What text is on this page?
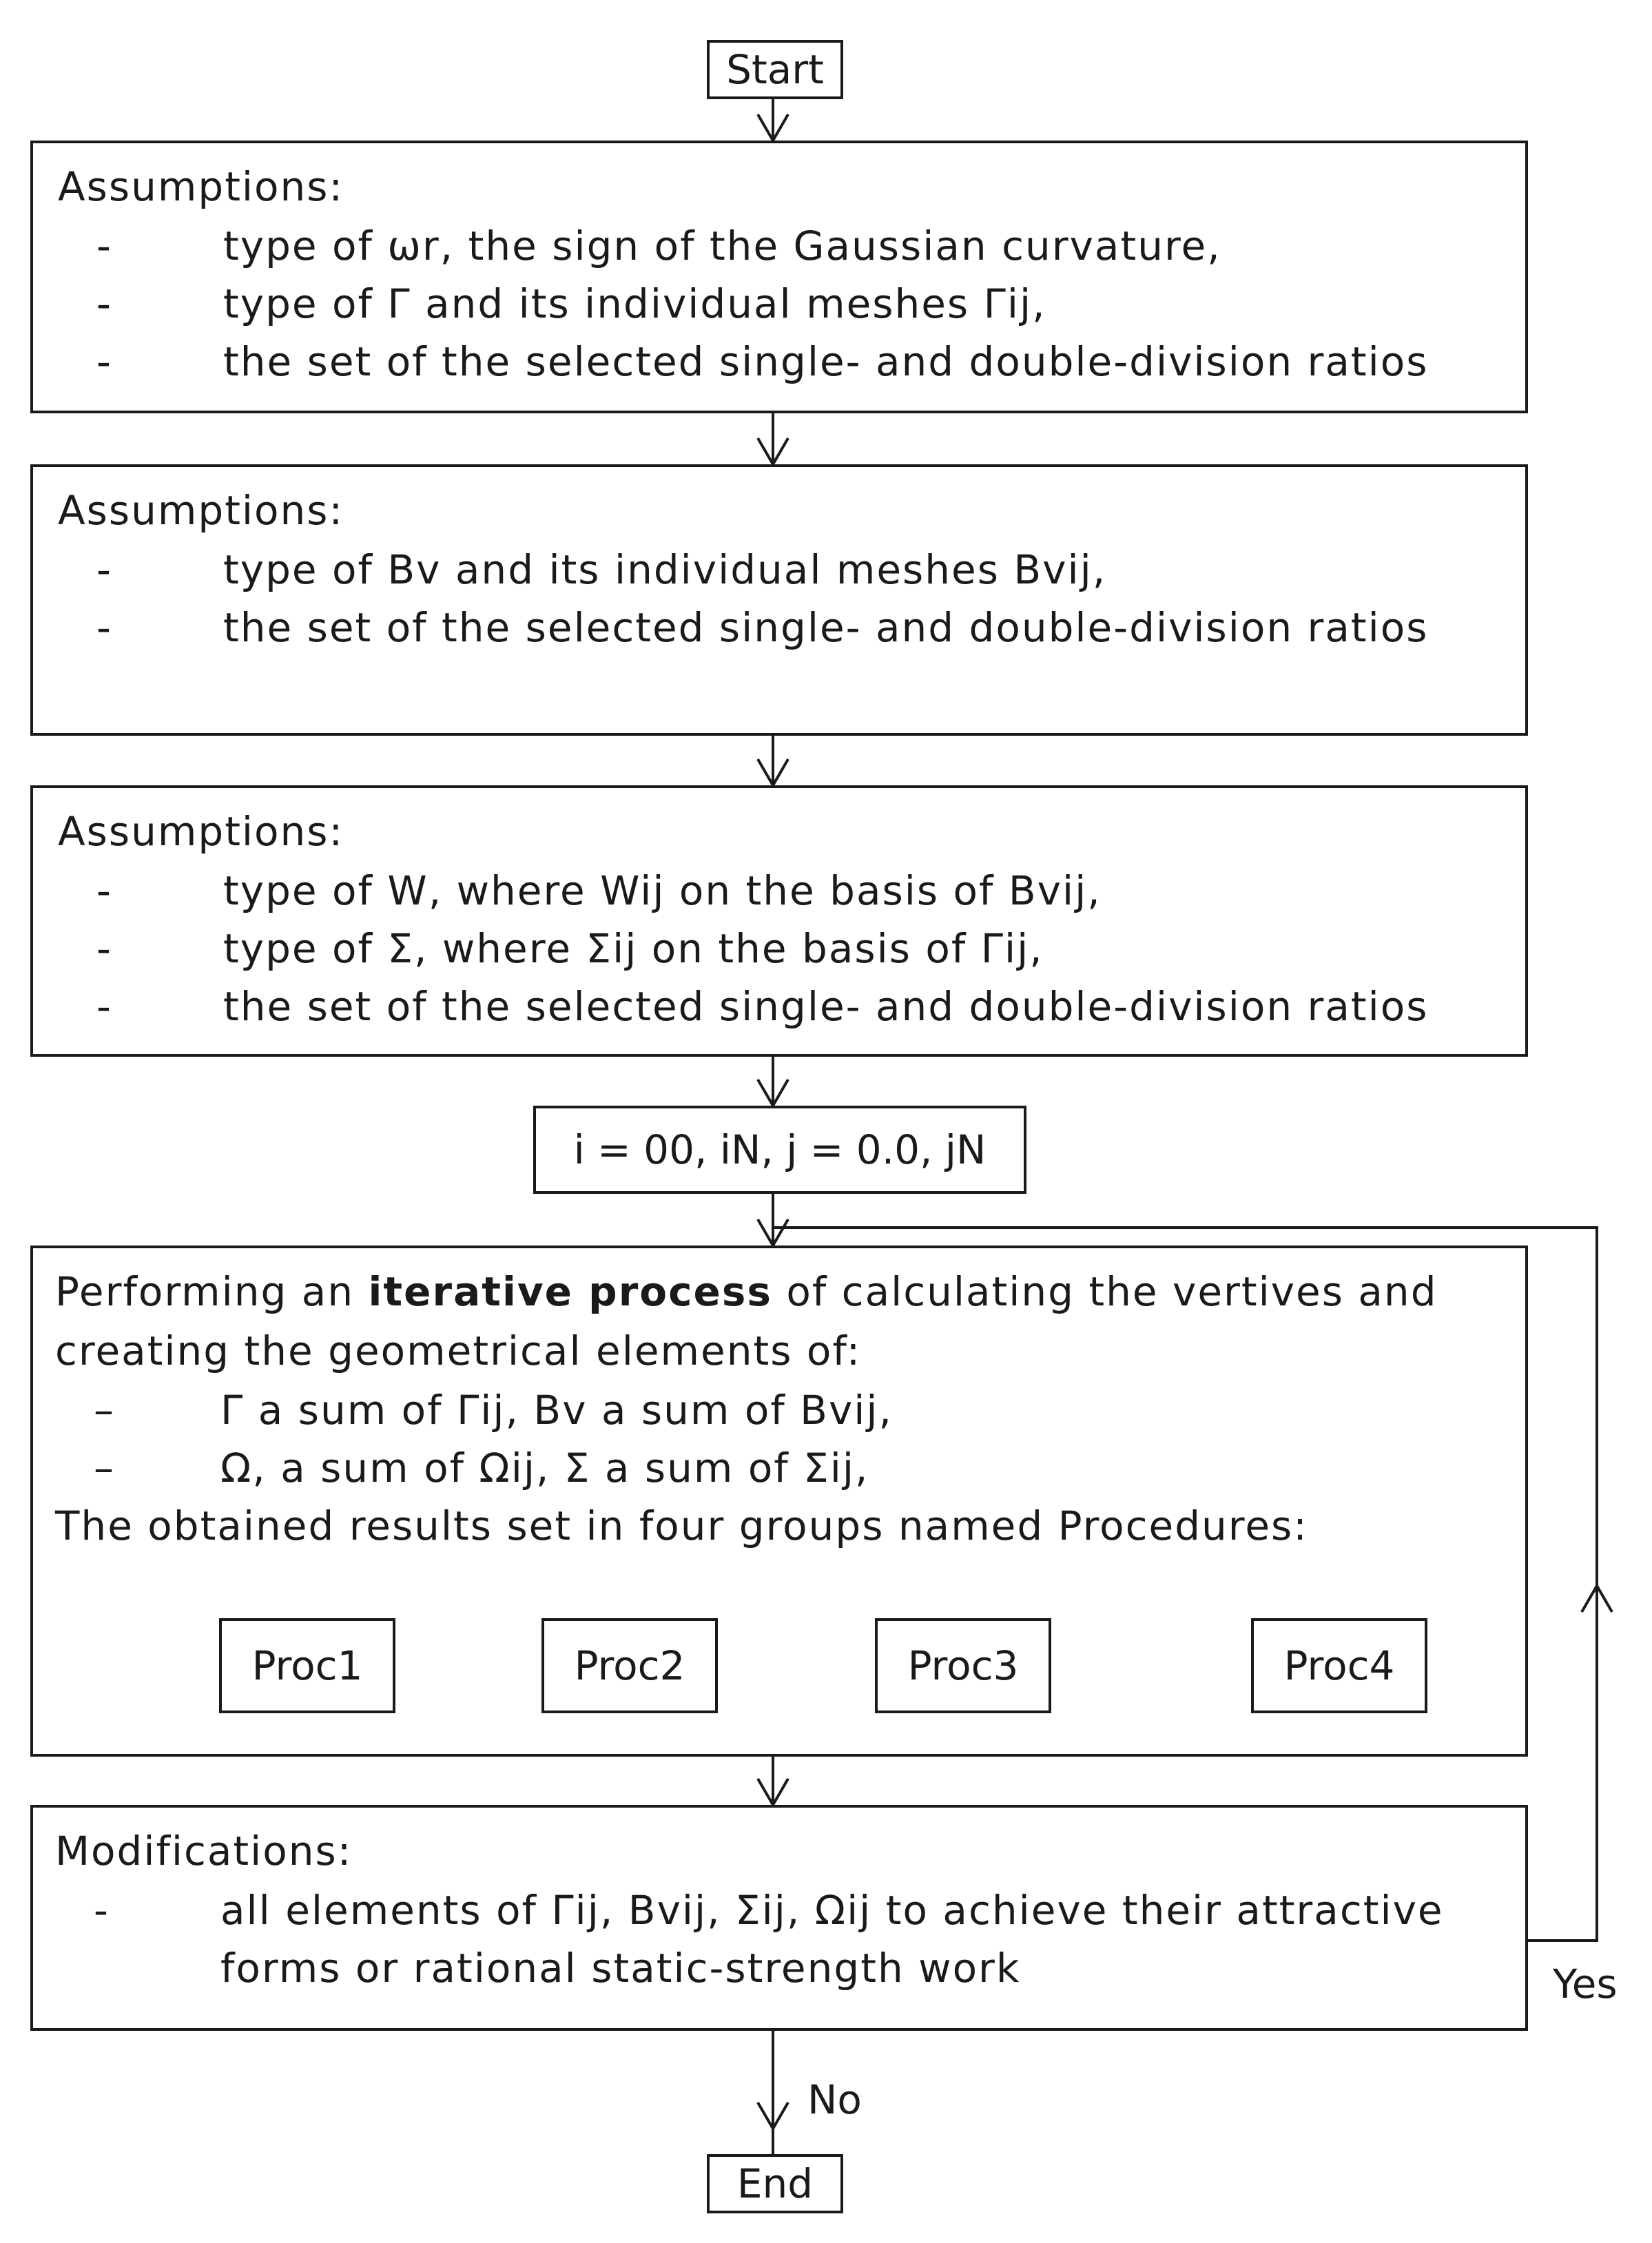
Start
Assumptions:
-	type of ωr, the sign of the Gaussian curvature,
-	type of Γ and its individual meshes Γij,
-	the set of the selected single- and double-division ratios
Assumptions:
-	type of Bv and its individual meshes Bvij,
-	the set of the selected single- and double-division ratios
Assumptions:
-	type of W, where Wij on the basis of Bvij,
-	type of Σ, where Σij on the basis of Γij,
-	the set of the selected single- and double-division ratios
i = 00, iN, j = 0.0, jN
Performing an iterative process of calculating the vertives and
creating the geometrical elements of:
–	Γ a sum of Γij, Bv a sum of Bvij,
–	Ω, a sum of Ωij, Σ a sum of Σij,
The obtained results set in four groups named Procedures:
Proc1	Proc2	Proc3	Proc4
Modifications:
-	all elements of Γij, Bvij, Σij, Ωij to achieve their attractive
forms or rational static-strength work	Yes
No
End
